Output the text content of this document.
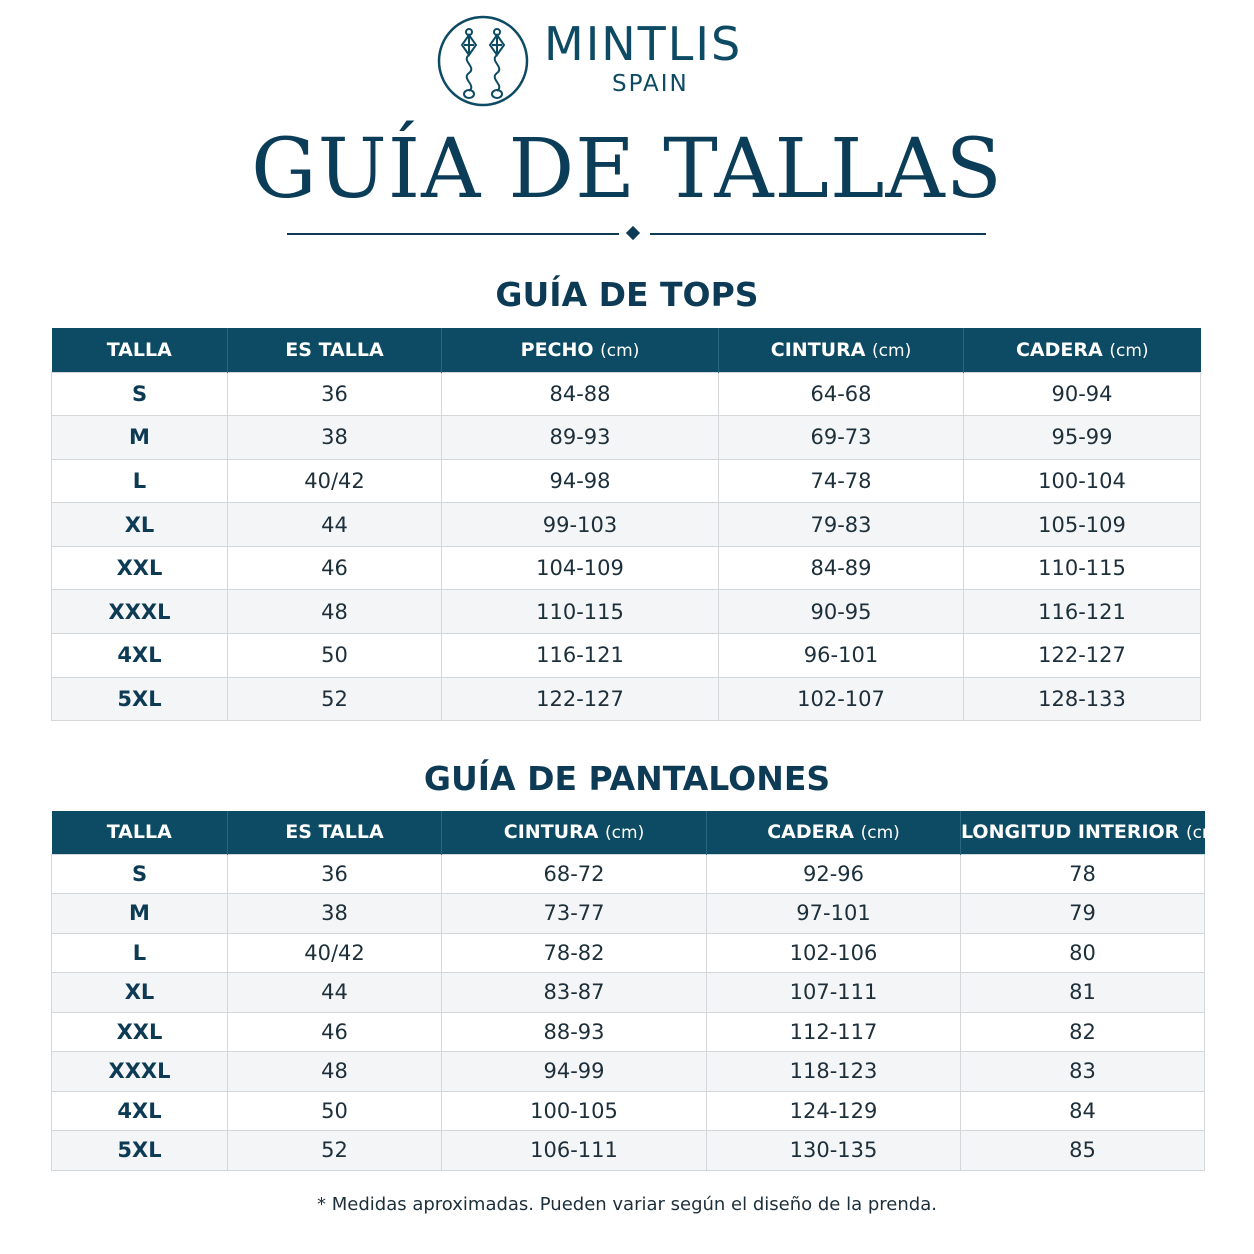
MINTLIS
SPAIN
GUÍA DE TALLAS
GUÍA DE TOPS
TALLA	ES TALLA	PECHO (cm)	CINTURA (cm)	CADERA (cm)
S	36	84-88	64-68	90-94
M	38	89-93	69-73	95-99
L	40/42	94-98	74-78	100-104
XL	44	99-103	79-83	105-109
XXL	46	104-109	84-89	110-115
XXXL	48	110-115	90-95	116-121
4XL	50	116-121	96-101	122-127
5XL	52	122-127	102-107	128-133
GUÍA DE PANTALONES
TALLA	ES TALLA	CINTURA (cm)	CADERA (cm)	LONGITUD INTERIOR (cm)
S	36	68-72	92-96	78
M	38	73-77	97-101	79
L	40/42	78-82	102-106	80
XL	44	83-87	107-111	81
XXL	46	88-93	112-117	82
XXXL	48	94-99	118-123	83
4XL	50	100-105	124-129	84
5XL	52	106-111	130-135	85
* Medidas aproximadas. Pueden variar según el diseño de la prenda.
